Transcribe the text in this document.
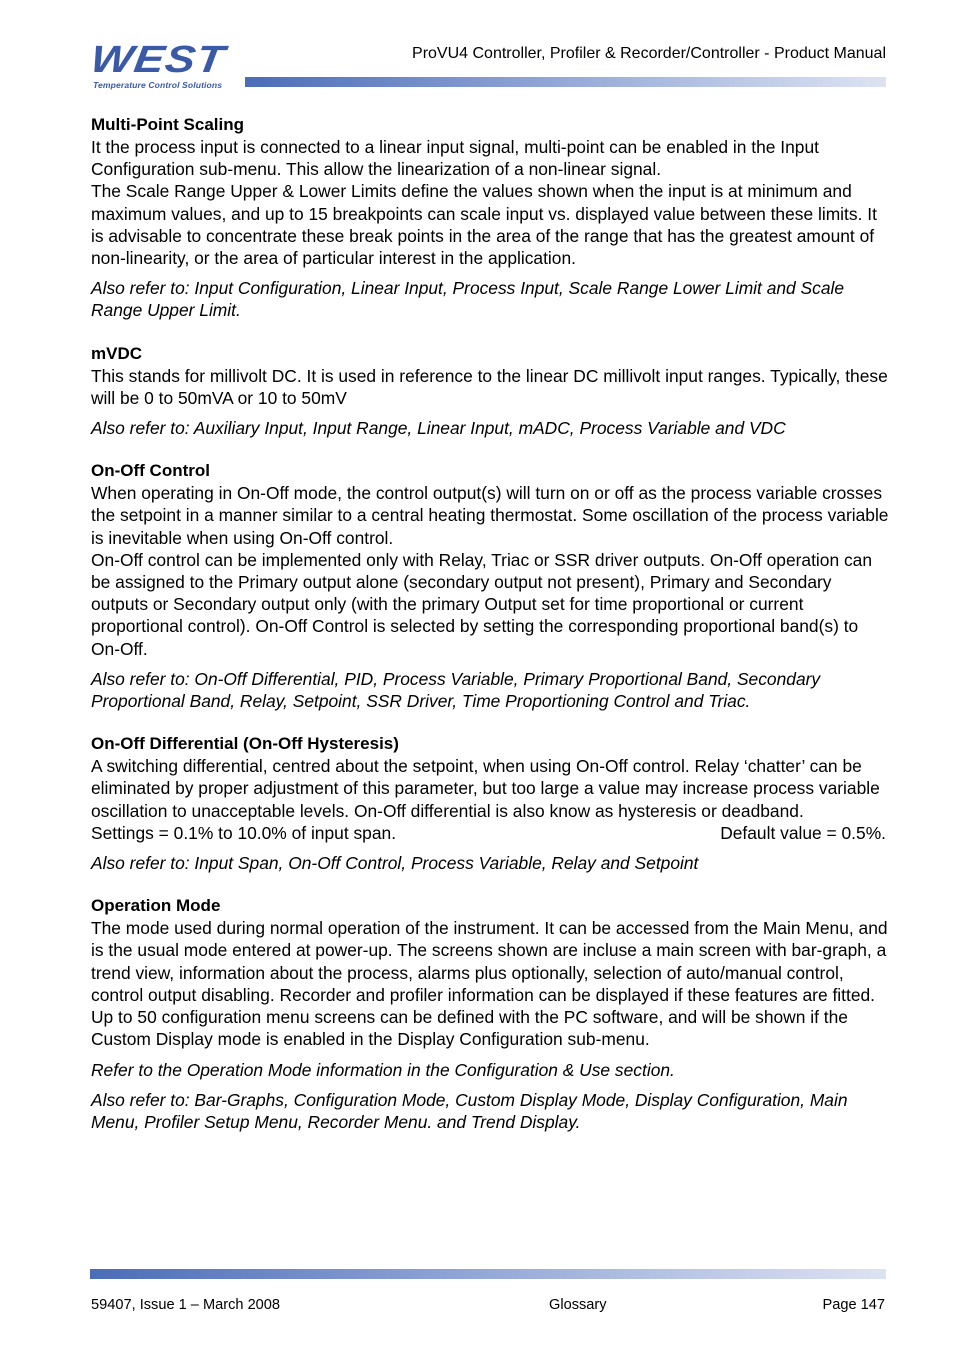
WEST
Temperature Control Solutions
ProVU4 Controller, Profiler & Recorder/Controller - Product Manual
Multi-Point Scaling

It the process input is connected to a linear input signal, multi-point can be enabled in the Input Configuration sub-menu. This allow the linearization of a non-linear signal.

The Scale Range Upper & Lower Limits define the values shown when the input is at minimum and maximum values, and up to 15 breakpoints can scale input vs. displayed value between these limits. It is advisable to concentrate these break points in the area of the range that has the greatest amount of non-linearity, or the area of particular interest in the application.

Also refer to: Input Configuration, Linear Input, Process Input, Scale Range Lower Limit and Scale Range Upper Limit.

mVDC

This stands for millivolt DC. It is used in reference to the linear DC millivolt input ranges. Typically, these will be 0 to 50mVA or 10 to 50mV

Also refer to: Auxiliary Input, Input Range, Linear Input, mADC, Process Variable and VDC

On-Off Control

When operating in On-Off mode, the control output(s) will turn on or off as the process variable crosses the setpoint in a manner similar to a central heating thermostat. Some oscillation of the process variable is inevitable when using On-Off control.

On-Off control can be implemented only with Relay, Triac or SSR driver outputs. On-Off operation can be assigned to the Primary output alone (secondary output not present), Primary and Secondary outputs or Secondary output only (with the primary Output set for time proportional or current proportional control). On-Off Control is selected by setting the corresponding proportional band(s) to On-Off.

Also refer to: On-Off Differential, PID, Process Variable, Primary Proportional Band, Secondary Proportional Band, Relay, Setpoint, SSR Driver, Time Proportioning Control and Triac.

On-Off Differential (On-Off Hysteresis)

A switching differential, centred about the setpoint, when using On-Off control. Relay ‘chatter’ can be eliminated by proper adjustment of this parameter, but too large a value may increase process variable oscillation to unacceptable levels. On-Off differential is also know as hysteresis or deadband.

Settings = 0.1% to 10.0% of input span.	Default value = 0.5%.

Also refer to: Input Span, On-Off Control, Process Variable, Relay and Setpoint

Operation Mode

The mode used during normal operation of the instrument. It can be accessed from the Main Menu, and is the usual mode entered at power-up. The screens shown are incluse a main screen with bar-graph, a trend view, information about the process, alarms plus optionally, selection of auto/manual control, control output disabling. Recorder and profiler information can be displayed if these features are fitted. Up to 50 configuration menu screens can be defined with the PC software, and will be shown if the Custom Display mode is enabled in the Display Configuration sub-menu.

Refer to the Operation Mode information in the Configuration & Use section.

Also refer to: Bar-Graphs, Configuration Mode, Custom Display Mode, Display Configuration, Main Menu, Profiler Setup Menu, Recorder Menu. and Trend Display.

59407, Issue 1 – March 2008	Glossary	Page 147
